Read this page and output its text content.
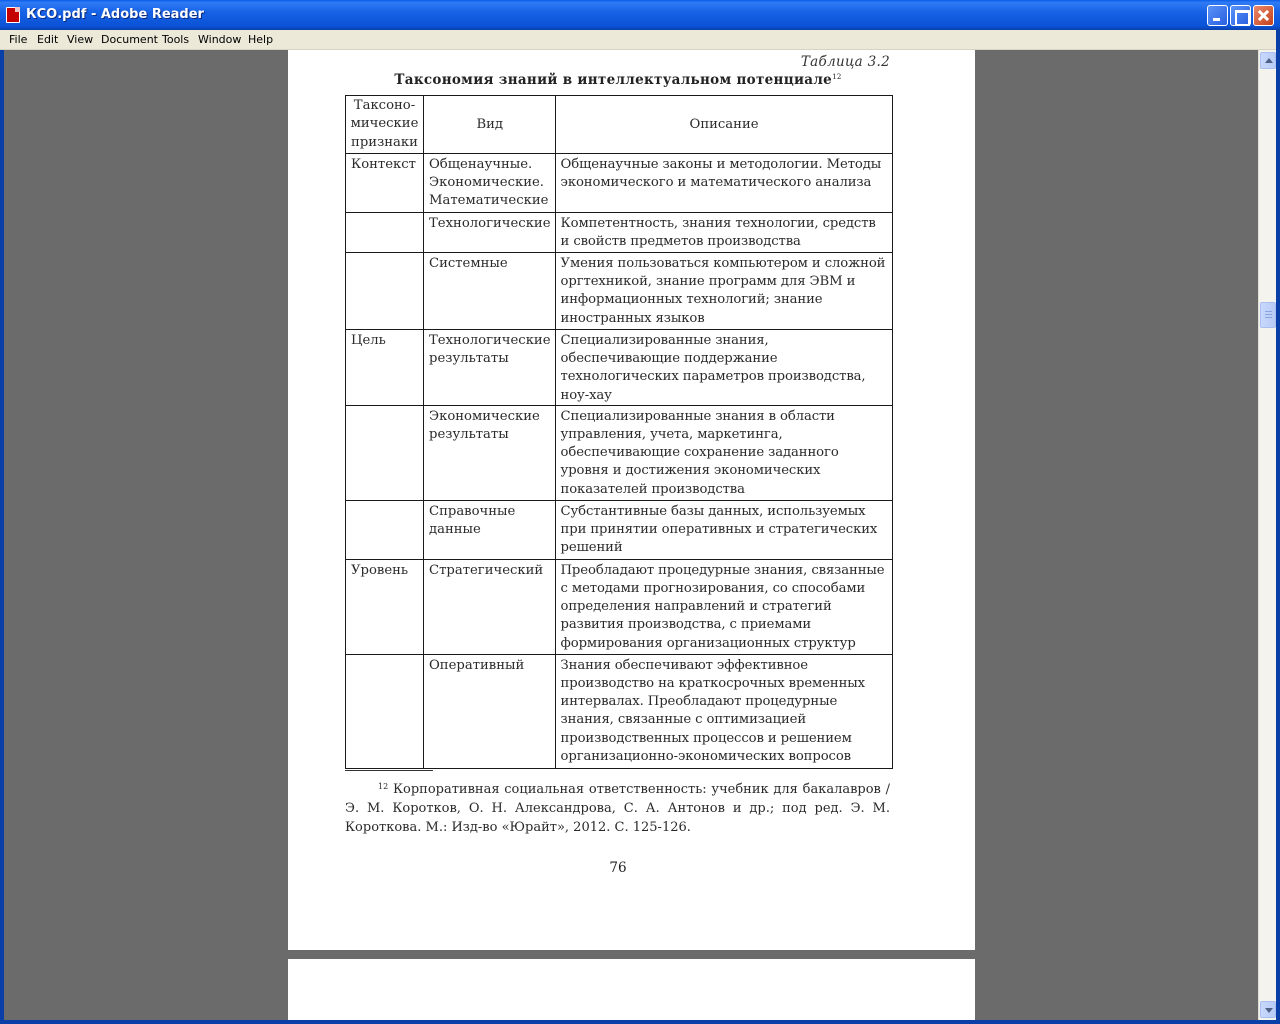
КСО.pdf - Adobe Reader
File Edit View Document Tools Window Help
Таблица 3.2
Таксономия знаний в интеллектуальном потенциале$^{12}$
Таксоно-мические признаки	Вид	Описание
Контекст	Общенаучные. Экономические. Математические	Общенаучные законы и методологии. Методы экономического и математического анализа
	Технологические	Компетентность, знания технологии, средств и свойств предметов производства
	Системные	Умения пользоваться компьютером и сложной оргтехникой, знание программ для ЭВМ и информационных технологий; знание иностранных языков
Цель	Технологические результаты	Специализированные знания, обеспечивающие поддержание технологических параметров производства, ноу-хау
	Экономические результаты	Специализированные знания в области управления, учета, маркетинга, обеспечивающие сохранение заданного уровня и достижения экономических показателей производства
	Справочные данные	Субстантивные базы данных, используемых при принятии оперативных и стратегических решений
Уровень	Стратегический	Преобладают процедурные знания, связанные с методами прогнозирования, со способами определения направлений и стратегий развития производства, с приемами формирования организационных структур
	Оперативный	Знания обеспечивают эффективное производство на краткосрочных временных интервалах. Преобладают процедурные знания, связанные с оптимизацией производственных процессов и решением организационно-экономических вопросов
$^{12}$ Корпоративная социальная ответственность: учебник для бакалавров / Э. М. Коротков, О. Н. Александрова, С. А. Антонов и др.; под ред. Э. М. Короткова. М.: Изд-во «Юрайт», 2012. С. 125-126.
76
